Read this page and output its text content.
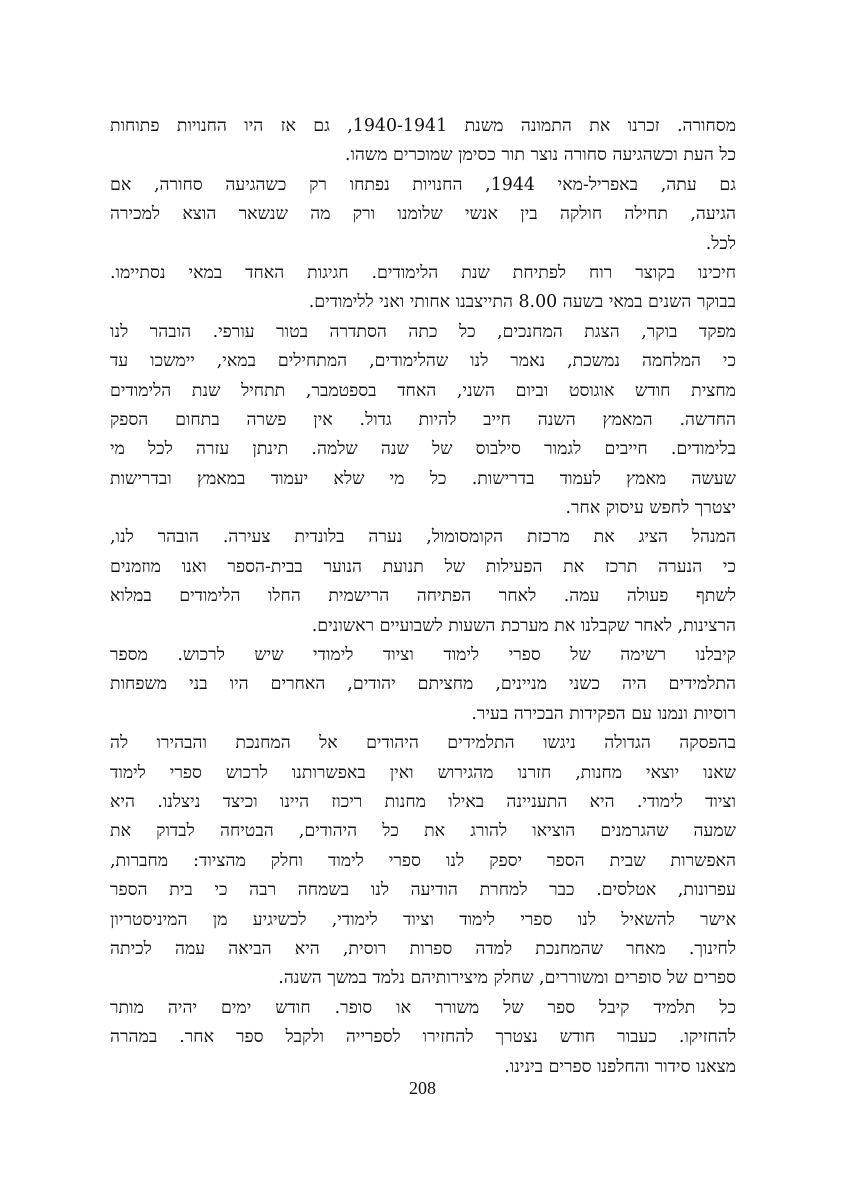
מסחורה. זכרנו את התמונה משנת 1940-1941, גם אז היו החנויות פתוחות
כל העת וכשהגיעה סחורה נוצר תור כסימן שמוכרים משהו.
גם עתה, באפריל-מאי 1944, החנויות נפתחו רק כשהגיעה סחורה, אם
הגיעה, תחילה חולקה בין אנשי שלומנו ורק מה שנשאר הוצא למכירה
לכל.
חיכינו בקוצר רוח לפתיחת שנת הלימודים. חגיגות האחד במאי נסתיימו.
בבוקר השנים במאי בשעה 8.00 התייצבנו אחותי ואני ללימודים.
מפקד בוקר, הצגת המחנכים, כל כתה הסתדרה בטור עורפי. הובהר לנו
כי המלחמה נמשכת, נאמר לנו שהלימודים, המתחילים במאי, יימשכו עד
מחצית חודש אוגוסט וביום השני, האחד בספטמבר, תתחיל שנת הלימודים
החדשה. המאמץ השנה חייב להיות גדול. אין פשרה בתחום הספק
בלימודים. חייבים לגמור סילבוס של שנה שלמה. תינתן עזרה לכל מי
שעשה מאמץ לעמוד בדרישות. כל מי שלא יעמוד במאמץ ובדרישות
יצטרך לחפש עיסוק אחר.
המנהל הציג את מרכזת הקומסומול, נערה בלונדית צעירה. הובהר לנו,
כי הנערה תרכז את הפעילות של תנועת הנוער בבית-הספר ואנו מוזמנים
לשתף פעולה עמה. לאחר הפתיחה הרישמית החלו הלימודים במלוא
הרצינות, לאחר שקבלנו את מערכת השעות לשבועיים ראשונים.
קיבלנו רשימה של ספרי לימוד וציוד לימודי שיש לרכוש. מספר
התלמידים היה כשני מניינים, מחציתם יהודים, האחרים היו בני משפחות
רוסיות ונמנו עם הפקידות הבכירה בעיר.
בהפסקה הגדולה ניגשו התלמידים היהודים אל המחנכת והבהירו לה
שאנו יוצאי מחנות, חזרנו מהגירוש ואין באפשרותנו לרכוש ספרי לימוד
וציוד לימודי. היא התעניינה באילו מחנות ריכוז היינו וכיצד ניצלנו. היא
שמעה שהגרמנים הוציאו להורג את כל היהודים, הבטיחה לבדוק את
האפשרות שבית הספר יספק לנו ספרי לימוד וחלק מהציוד: מחברות,
עפרונות, אטלסים. כבר למחרת הודיעה לנו בשמחה רבה כי בית הספר
אישר להשאיל לנו ספרי לימוד וציוד לימודי, לכשיגיע מן המיניסטריון
לחינוך. מאחר שהמחנכת למדה ספרות רוסית, היא הביאה עמה לכיתה
ספרים של סופרים ומשוררים, שחלק מיצירותיהם נלמד במשך השנה.
כל תלמיד קיבל ספר של משורר או סופר. חודש ימים יהיה מותר
להחזיקו. כעבור חודש נצטרך להחזירו לספרייה ולקבל ספר אחר. במהרה
מצאנו סידור והחלפנו ספרים בינינו.
208
